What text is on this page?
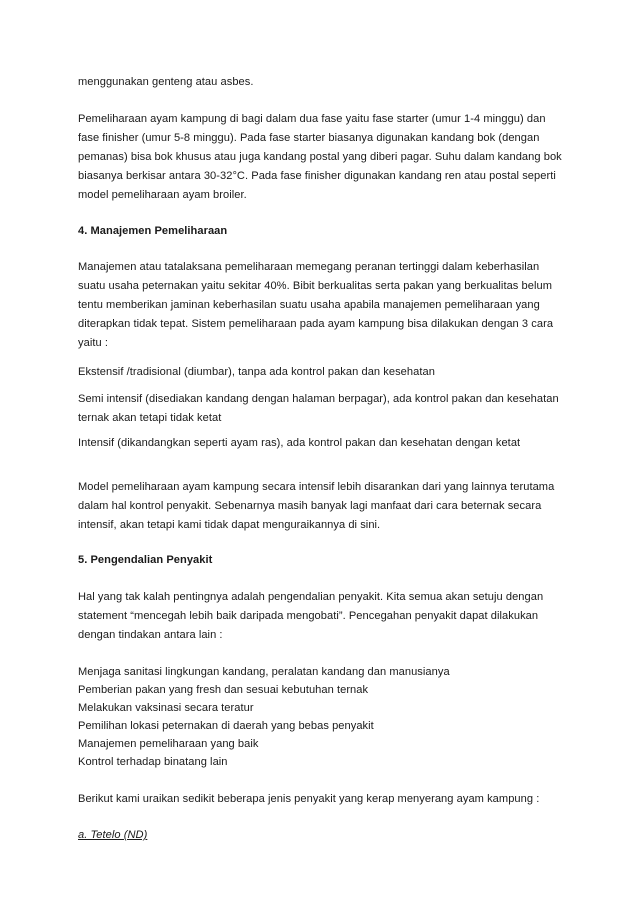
menggunakan genteng atau asbes.

Pemeliharaan ayam kampung di bagi dalam dua fase yaitu fase starter (umur 1-4 minggu) dan
fase finisher (umur 5-8 minggu). Pada fase starter biasanya digunakan kandang bok (dengan
pemanas) bisa bok khusus atau juga kandang postal yang diberi pagar. Suhu dalam kandang bok
biasanya berkisar antara 30-32°C. Pada fase finisher digunakan kandang ren atau postal seperti
model pemeliharaan ayam broiler.

4. Manajemen Pemeliharaan

Manajemen atau tatalaksana pemeliharaan memegang peranan tertinggi dalam keberhasilan
suatu usaha peternakan yaitu sekitar 40%. Bibit berkualitas serta pakan yang berkualitas belum
tentu memberikan jaminan keberhasilan suatu usaha apabila manajemen pemeliharaan yang
diterapkan tidak tepat. Sistem pemeliharaan pada ayam kampung bisa dilakukan dengan 3 cara
yaitu :

Ekstensif /tradisional (diumbar), tanpa ada kontrol pakan dan kesehatan

Semi intensif (disediakan kandang dengan halaman berpagar), ada kontrol pakan dan kesehatan
ternak akan tetapi tidak ketat

Intensif (dikandangkan seperti ayam ras), ada kontrol pakan dan kesehatan dengan ketat

Model pemeliharaan ayam kampung secara intensif lebih disarankan dari yang lainnya terutama
dalam hal kontrol penyakit. Sebenarnya masih banyak lagi manfaat dari cara beternak secara
intensif, akan tetapi kami tidak dapat menguraikannya di sini.

5. Pengendalian Penyakit

Hal yang tak kalah pentingnya adalah pengendalian penyakit. Kita semua akan setuju dengan
statement “mencegah lebih baik daripada mengobati”. Pencegahan penyakit dapat dilakukan
dengan tindakan antara lain :

Menjaga sanitasi lingkungan kandang, peralatan kandang dan manusianya
Pemberian pakan yang fresh dan sesuai kebutuhan ternak
Melakukan vaksinasi secara teratur
Pemilihan lokasi peternakan di daerah yang bebas penyakit
Manajemen pemeliharaan yang baik
Kontrol terhadap binatang lain

Berikut kami uraikan sedikit beberapa jenis penyakit yang kerap menyerang ayam kampung :

a. Tetelo (ND)
